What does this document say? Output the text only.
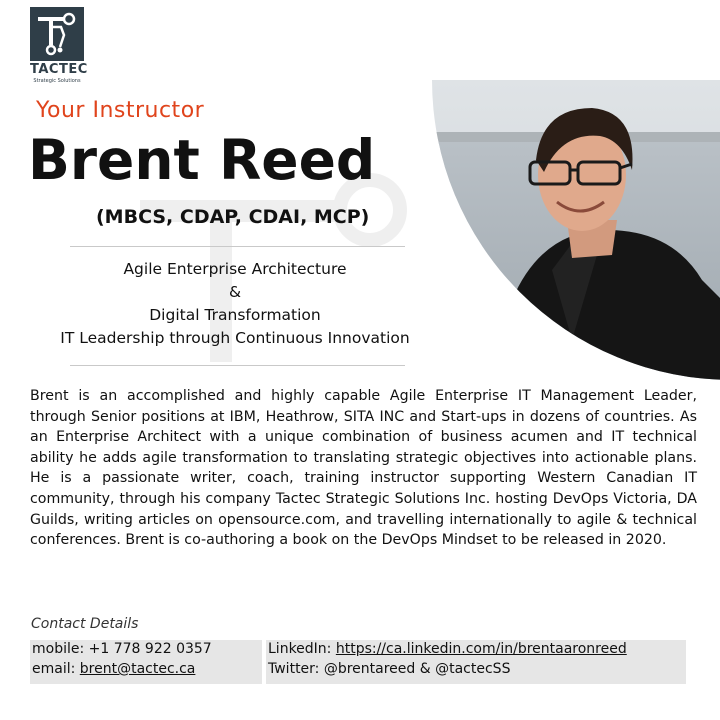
TACTEC
Strategic Solutions
Your Instructor
Brent Reed
(MBCS, CDAP, CDAI, MCP)
Agile Enterprise Architecture
&
Digital Transformation
IT Leadership through Continuous Innovation
Brent is an accomplished and highly capable Agile Enterprise IT Management Leader, through Senior positions at IBM, Heathrow, SITA INC and Start-ups in dozens of countries. As an Enterprise Architect with a unique combination of business acumen and IT technical ability he adds agile transformation to translating strategic objectives into actionable plans. He is a passionate writer, coach, training instructor supporting Western Canadian IT community, through his company Tactec Strategic Solutions Inc. hosting DevOps Victoria, DA Guilds, writing articles on opensource.com, and travelling internationally to agile & technical conferences. Brent is co-authoring a book on the DevOps Mindset to be released in 2020.
Contact Details
mobile: +1 778 922 0357
email: brent@tactec.ca
LinkedIn: https://ca.linkedin.com/in/brentaaronreed
Twitter: @brentareed & @tactecSS
